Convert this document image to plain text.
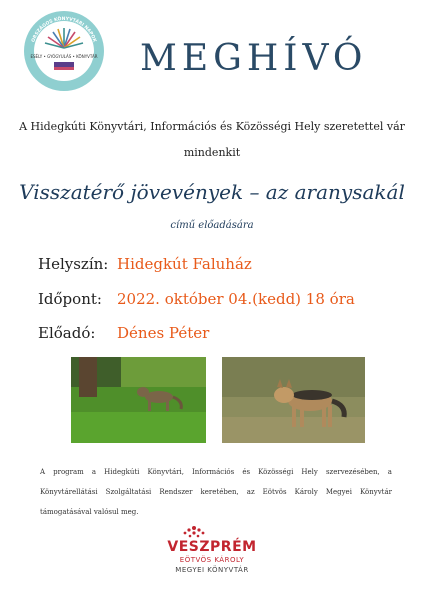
ORSZÁGOS KÖNYVTÁRI NAPOK
2022. OKTÓBER 3-9.
ESÉLY • GYÓGYULÁS • KÖNYVTÁR MEGHÍVÓ
A Hidegkúti Könyvtári, Információs és Közösségi Hely szeretettel vár
mindenkit
Visszatérő jövevények – az aranysakál
című előadására
Helyszín: Hidegkút Faluház
Időpont: 2022. október 04.(kedd) 18 óra
Előadó: Dénes Péter
A program a Hidegkúti Könyvtári, Információs és Közösségi Hely szervezésében, a Könyvtárellátási Szolgáltatási Rendszer keretében, az Eötvös Károly Megyei Könyvtár támogatásával valósul meg.
VESZPRÉM
EÖTVÖS KÁROLY
MEGYEI KÖNYVTÁR
